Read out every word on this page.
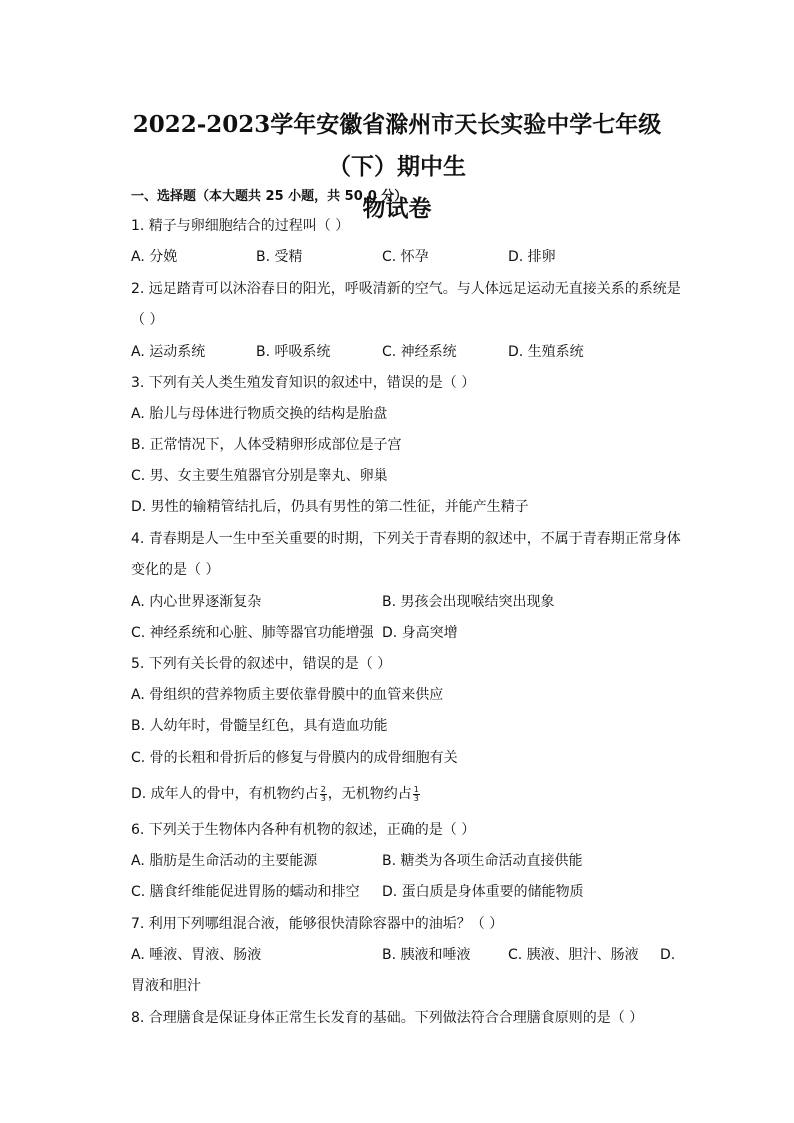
2022-2023学年安徽省滁州市天长实验中学七年级（下）期中生
物试卷
一、选择题（本大题共 25 小题，共 50.0 分）
1. 精子与卵细胞结合的过程叫（ ）
A. 分娩	B. 受精	C. 怀孕	D. 排卵
2. 远足踏青可以沐浴春日的阳光，呼吸清新的空气。与人体远足运动无直接关系的系统是
（ ）
A. 运动系统	B. 呼吸系统	C. 神经系统	D. 生殖系统
3. 下列有关人类生殖发育知识的叙述中，错误的是（ ）
A. 胎儿与母体进行物质交换的结构是胎盘
B. 正常情况下，人体受精卵形成部位是子宫
C. 男、女主要生殖器官分别是睾丸、卵巢
D. 男性的输精管结扎后，仍具有男性的第二性征，并能产生精子
4. 青春期是人一生中至关重要的时期，下列关于青春期的叙述中，不属于青春期正常身体
变化的是（ ）
A. 内心世界逐渐复杂	B. 男孩会出现喉结突出现象
C. 神经系统和心脏、肺等器官功能增强 D. 身高突增
5. 下列有关长骨的叙述中，错误的是（ ）
A. 骨组织的营养物质主要依靠骨膜中的血管来供应
B. 人幼年时，骨髓呈红色，具有造血功能
C. 骨的长粗和骨折后的修复与骨膜内的成骨细胞有关
D. 成年人的骨中，有机物约占 $\frac{2}{3}$ ，无机物约占 $\frac{1}{3}$
6. 下列关于生物体内各种有机物的叙述，正确的是（ ）
A. 脂肪是生命活动的主要能源	B. 糖类为各项生命活动直接供能
C. 膳食纤维能促进胃肠的蠕动和排空 D. 蛋白质是身体重要的储能物质
7. 利用下列哪组混合液，能够很快清除容器中的油垢？（ ）
A. 唾液、胃液、肠液	B. 胰液和唾液	C. 胰液、胆汁、肠液 D.
胃液和胆汁
8. 合理膳食是保证身体正常生长发育的基础。下列做法符合合理膳食原则的是（ ）
